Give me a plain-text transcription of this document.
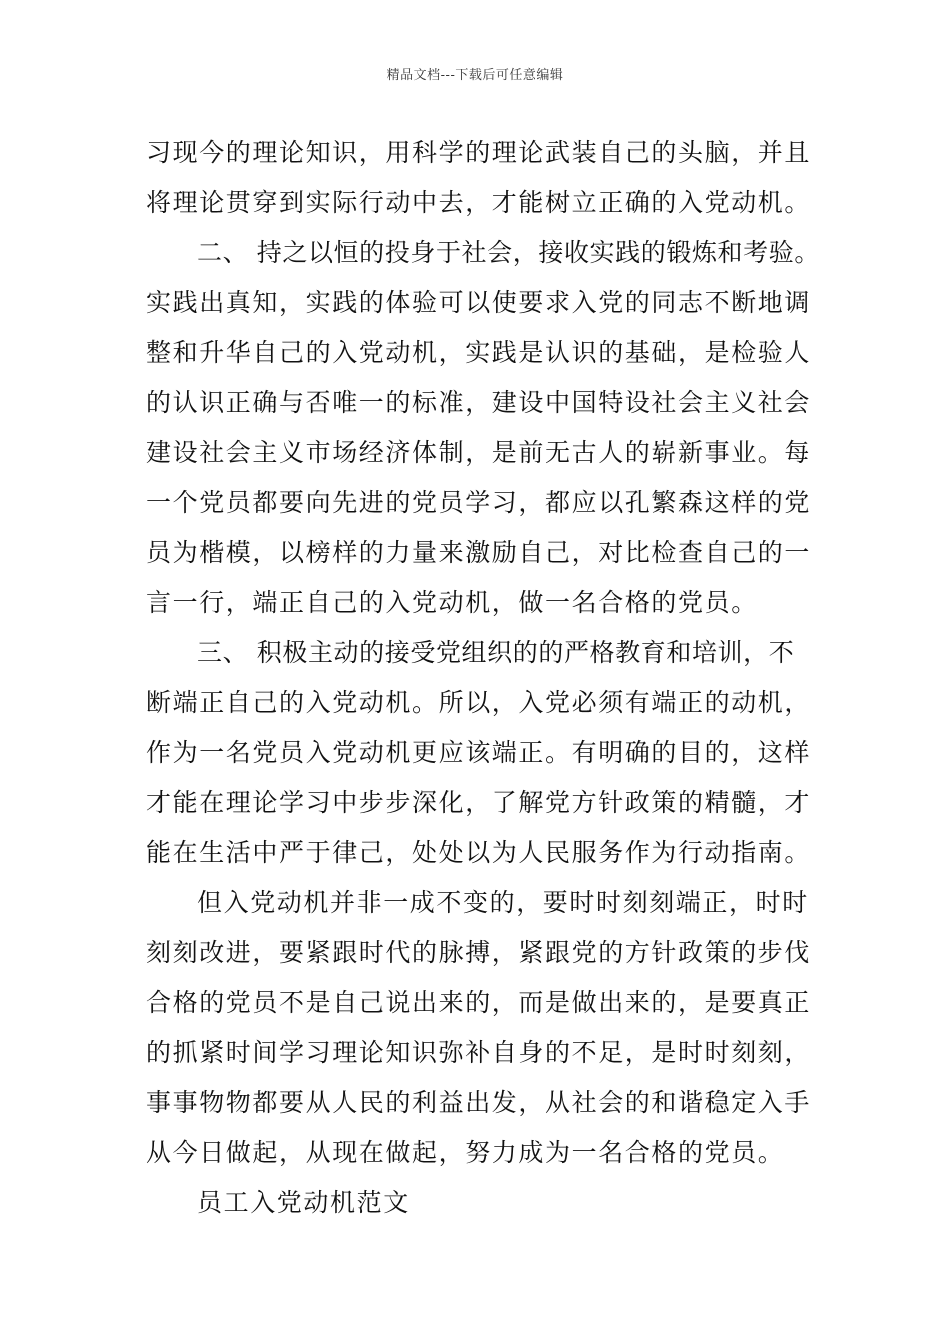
精品文档---下载后可任意编辑
习现今的理论知识，用科学的理论武装自己的头脑，并且
将理论贯穿到实际行动中去，才能树立正确的入党动机。
二、 持之以恒的投身于社会，接收实践的锻炼和考验。
实践出真知，实践的体验可以使要求入党的同志不断地调
整和升华自己的入党动机，实践是认识的基础，是检验人
的认识正确与否唯一的标准，建设中国特设社会主义社会
建设社会主义市场经济体制，是前无古人的崭新事业。每
一个党员都要向先进的党员学习，都应以孔繁森这样的党
员为楷模，以榜样的力量来激励自己，对比检查自己的一
言一行，端正自己的入党动机，做一名合格的党员。
三、 积极主动的接受党组织的的严格教育和培训，不
断端正自己的入党动机。所以，入党必须有端正的动机，
作为一名党员入党动机更应该端正。有明确的目的，这样
才能在理论学习中步步深化，了解党方针政策的精髓，才
能在生活中严于律己，处处以为人民服务作为行动指南。
但入党动机并非一成不变的，要时时刻刻端正，时时
刻刻改进，要紧跟时代的脉搏，紧跟党的方针政策的步伐
合格的党员不是自己说出来的，而是做出来的，是要真正
的抓紧时间学习理论知识弥补自身的不足，是时时刻刻，
事事物物都要从人民的利益出发，从社会的和谐稳定入手
从今日做起，从现在做起，努力成为一名合格的党员。
员工入党动机范文
